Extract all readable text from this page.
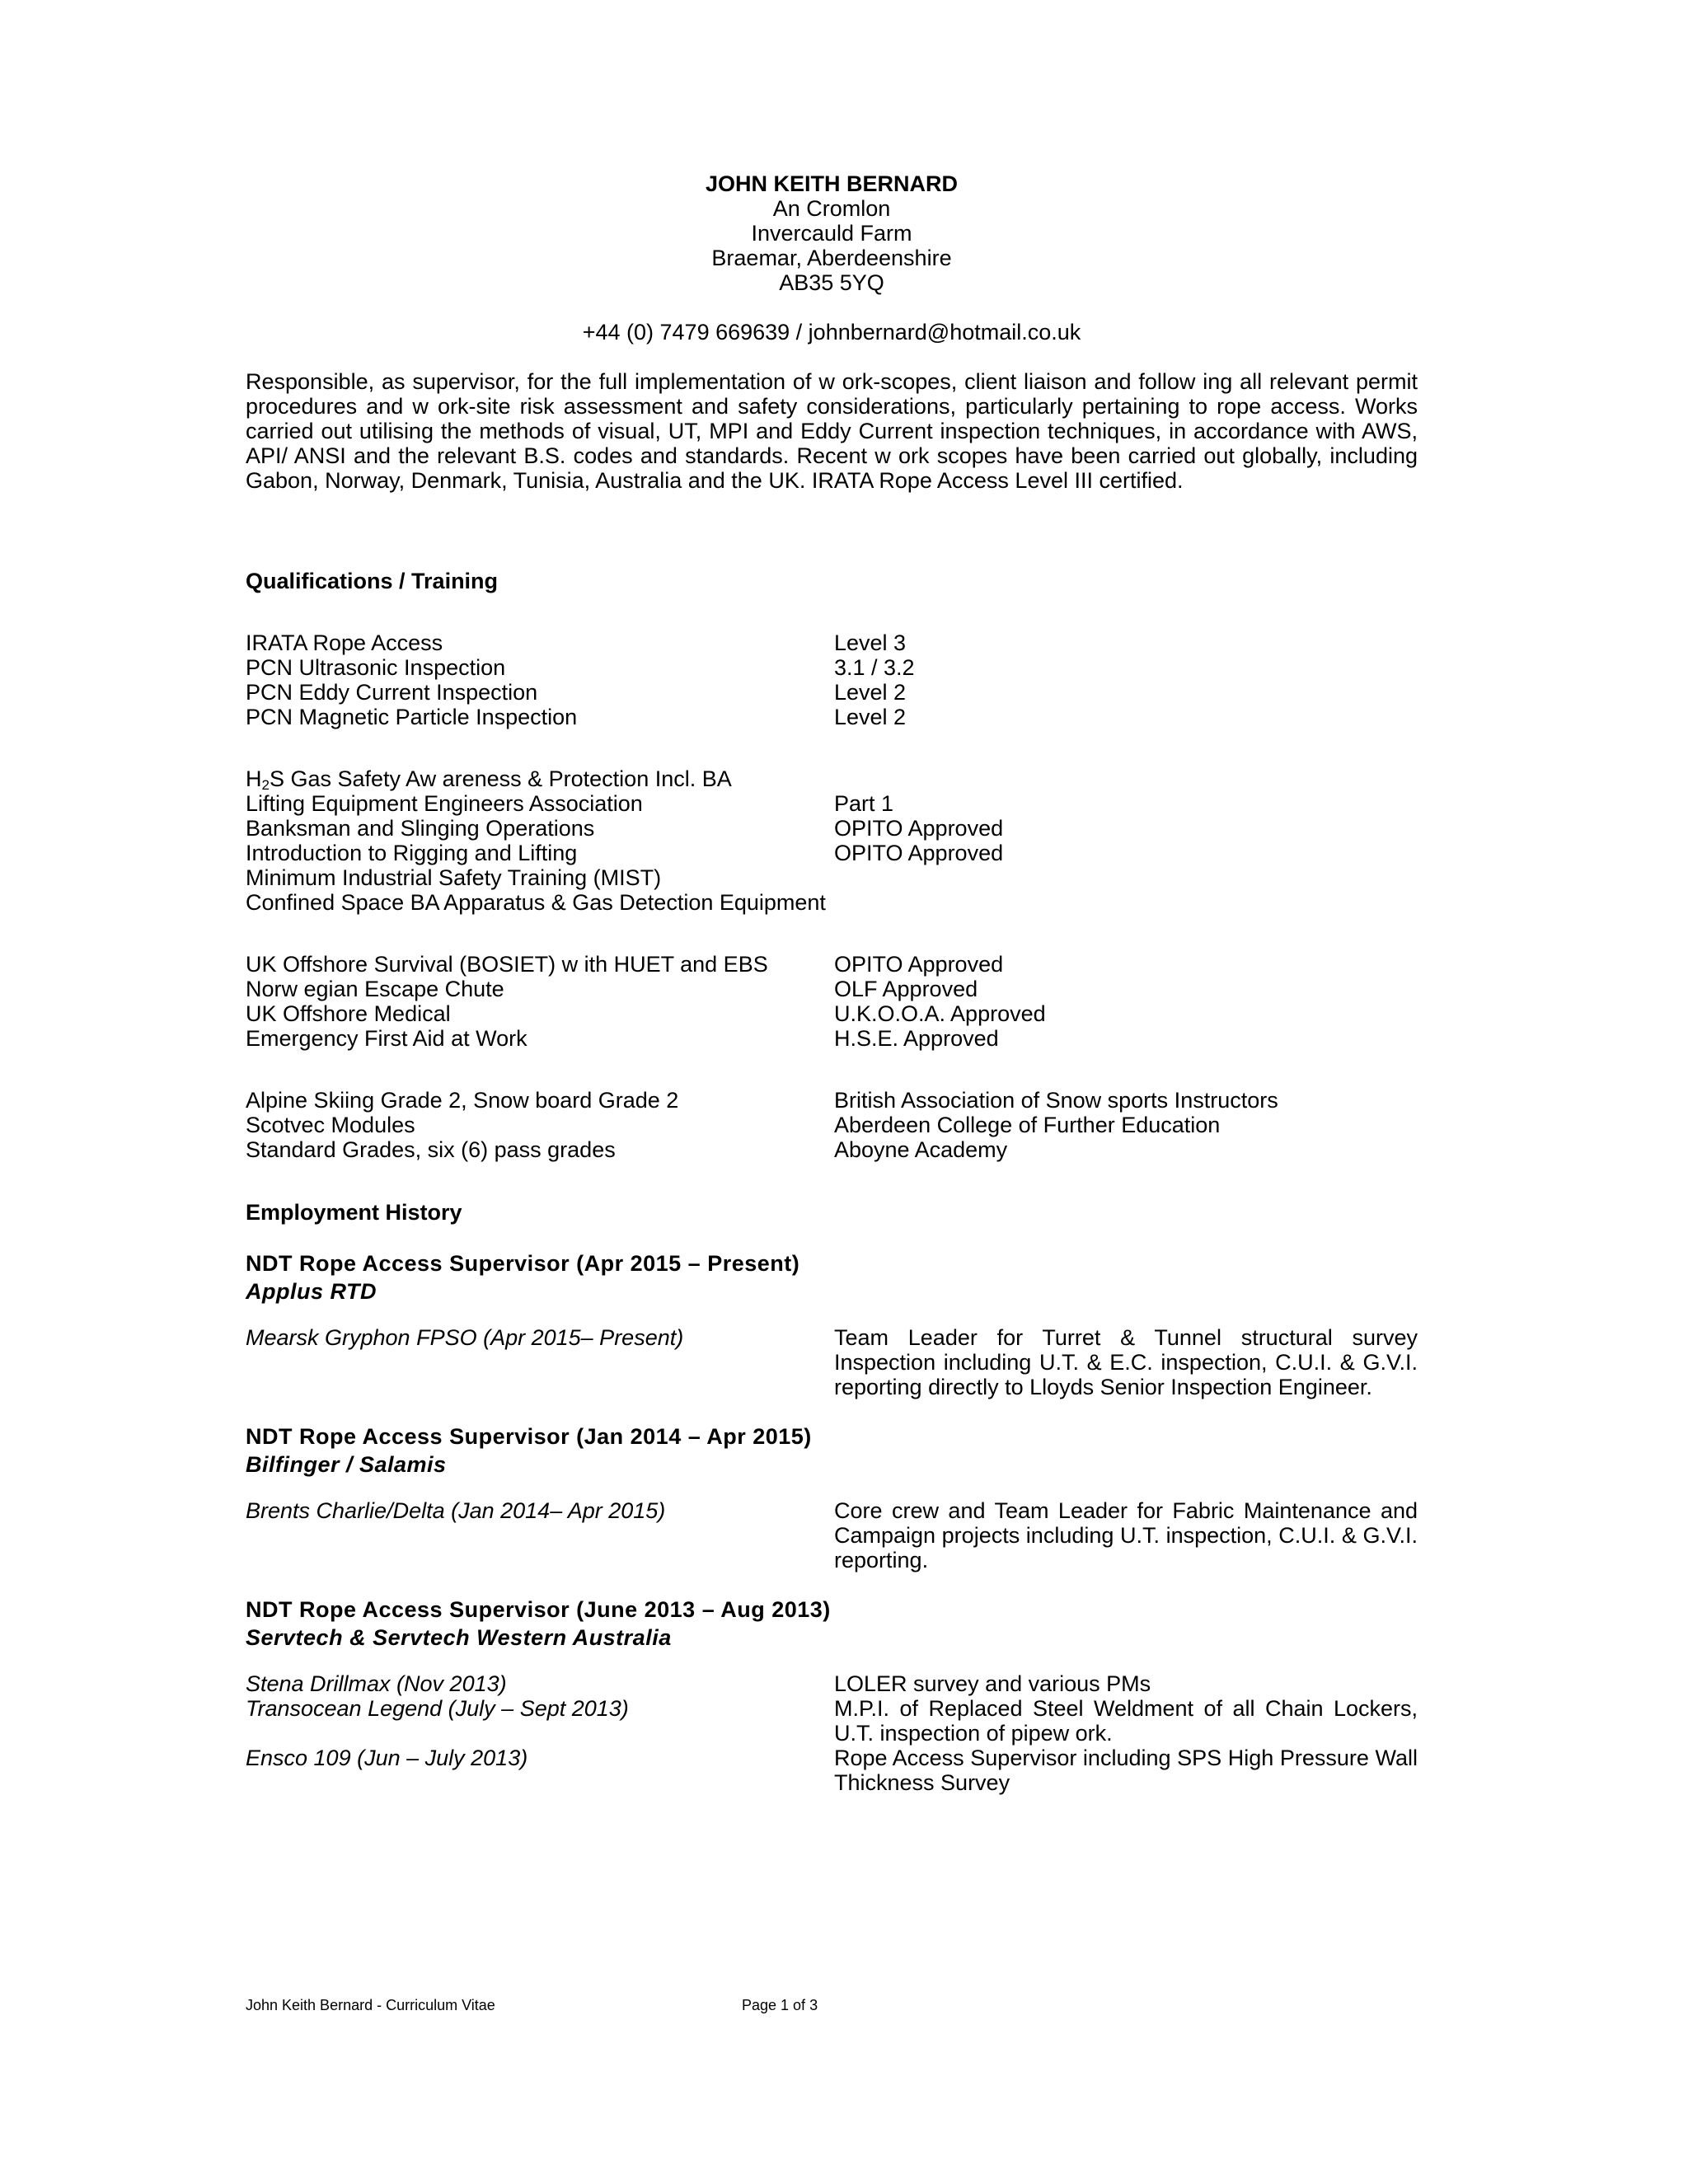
JOHN KEITH BERNARD
An Cromlon
Invercauld Farm
Braemar, Aberdeenshire
AB35 5YQ
+44 (0) 7479 669639 / johnbernard@hotmail.co.uk
Responsible, as supervisor, for the full implementation of w ork-scopes, client liaison and follow ing all relevant permit procedures and w ork-site risk assessment and safety considerations, particularly pertaining to rope access. Works carried out utilising the methods of visual, UT, MPI and Eddy Current inspection techniques, in accordance with AWS, API/ ANSI and the relevant B.S. codes and standards. Recent w ork scopes have been carried out globally, including Gabon, Norway, Denmark, Tunisia, Australia and the UK. IRATA Rope Access Level III certified.
Qualifications / Training
IRATA Rope Access	Level 3
PCN Ultrasonic Inspection	3.1 / 3.2
PCN Eddy Current Inspection	Level 2
PCN Magnetic Particle Inspection	Level 2
$H_2S$ Gas Safety Aw areness & Protection Incl. BA
Lifting Equipment Engineers Association	Part 1
Banksman and Slinging Operations	OPITO Approved
Introduction to Rigging and Lifting	OPITO Approved
Minimum Industrial Safety Training (MIST)
Confined Space BA Apparatus & Gas Detection Equipment
UK Offshore Survival (BOSIET) w ith HUET and EBS	OPITO Approved
Norw egian Escape Chute	OLF Approved
UK Offshore Medical	U.K.O.O.A. Approved
Emergency First Aid at Work	H.S.E. Approved
Alpine Skiing Grade 2, Snow board Grade 2	British Association of Snow sports Instructors
Scotvec Modules	Aberdeen College of Further Education
Standard Grades, six (6) pass grades	Aboyne Academy
Employment History
NDT Rope Access Supervisor (Apr 2015 – Present)
Applus RTD
Mearsk Gryphon FPSO (Apr 2015– Present)	Team Leader for Turret & Tunnel structural survey Inspection including U.T. & E.C. inspection, C.U.I. & G.V.I. reporting directly to Lloyds Senior Inspection Engineer.
NDT Rope Access Supervisor (Jan 2014 – Apr 2015)
Bilfinger / Salamis
Brents Charlie/Delta (Jan 2014– Apr 2015)	Core crew and Team Leader for Fabric Maintenance and Campaign projects including U.T. inspection, C.U.I. & G.V.I. reporting.
NDT Rope Access Supervisor (June 2013 – Aug 2013)
Servtech & Servtech Western Australia
Stena Drillmax (Nov 2013)	LOLER survey and various PMs
Transocean Legend (July – Sept 2013)	M.P.I. of Replaced Steel Weldment of all Chain Lockers, U.T. inspection of pipew ork.
Ensco 109 (Jun – July 2013)	Rope Access Supervisor including SPS High Pressure Wall Thickness Survey
John Keith Bernard - Curriculum Vitae	Page 1 of 3
